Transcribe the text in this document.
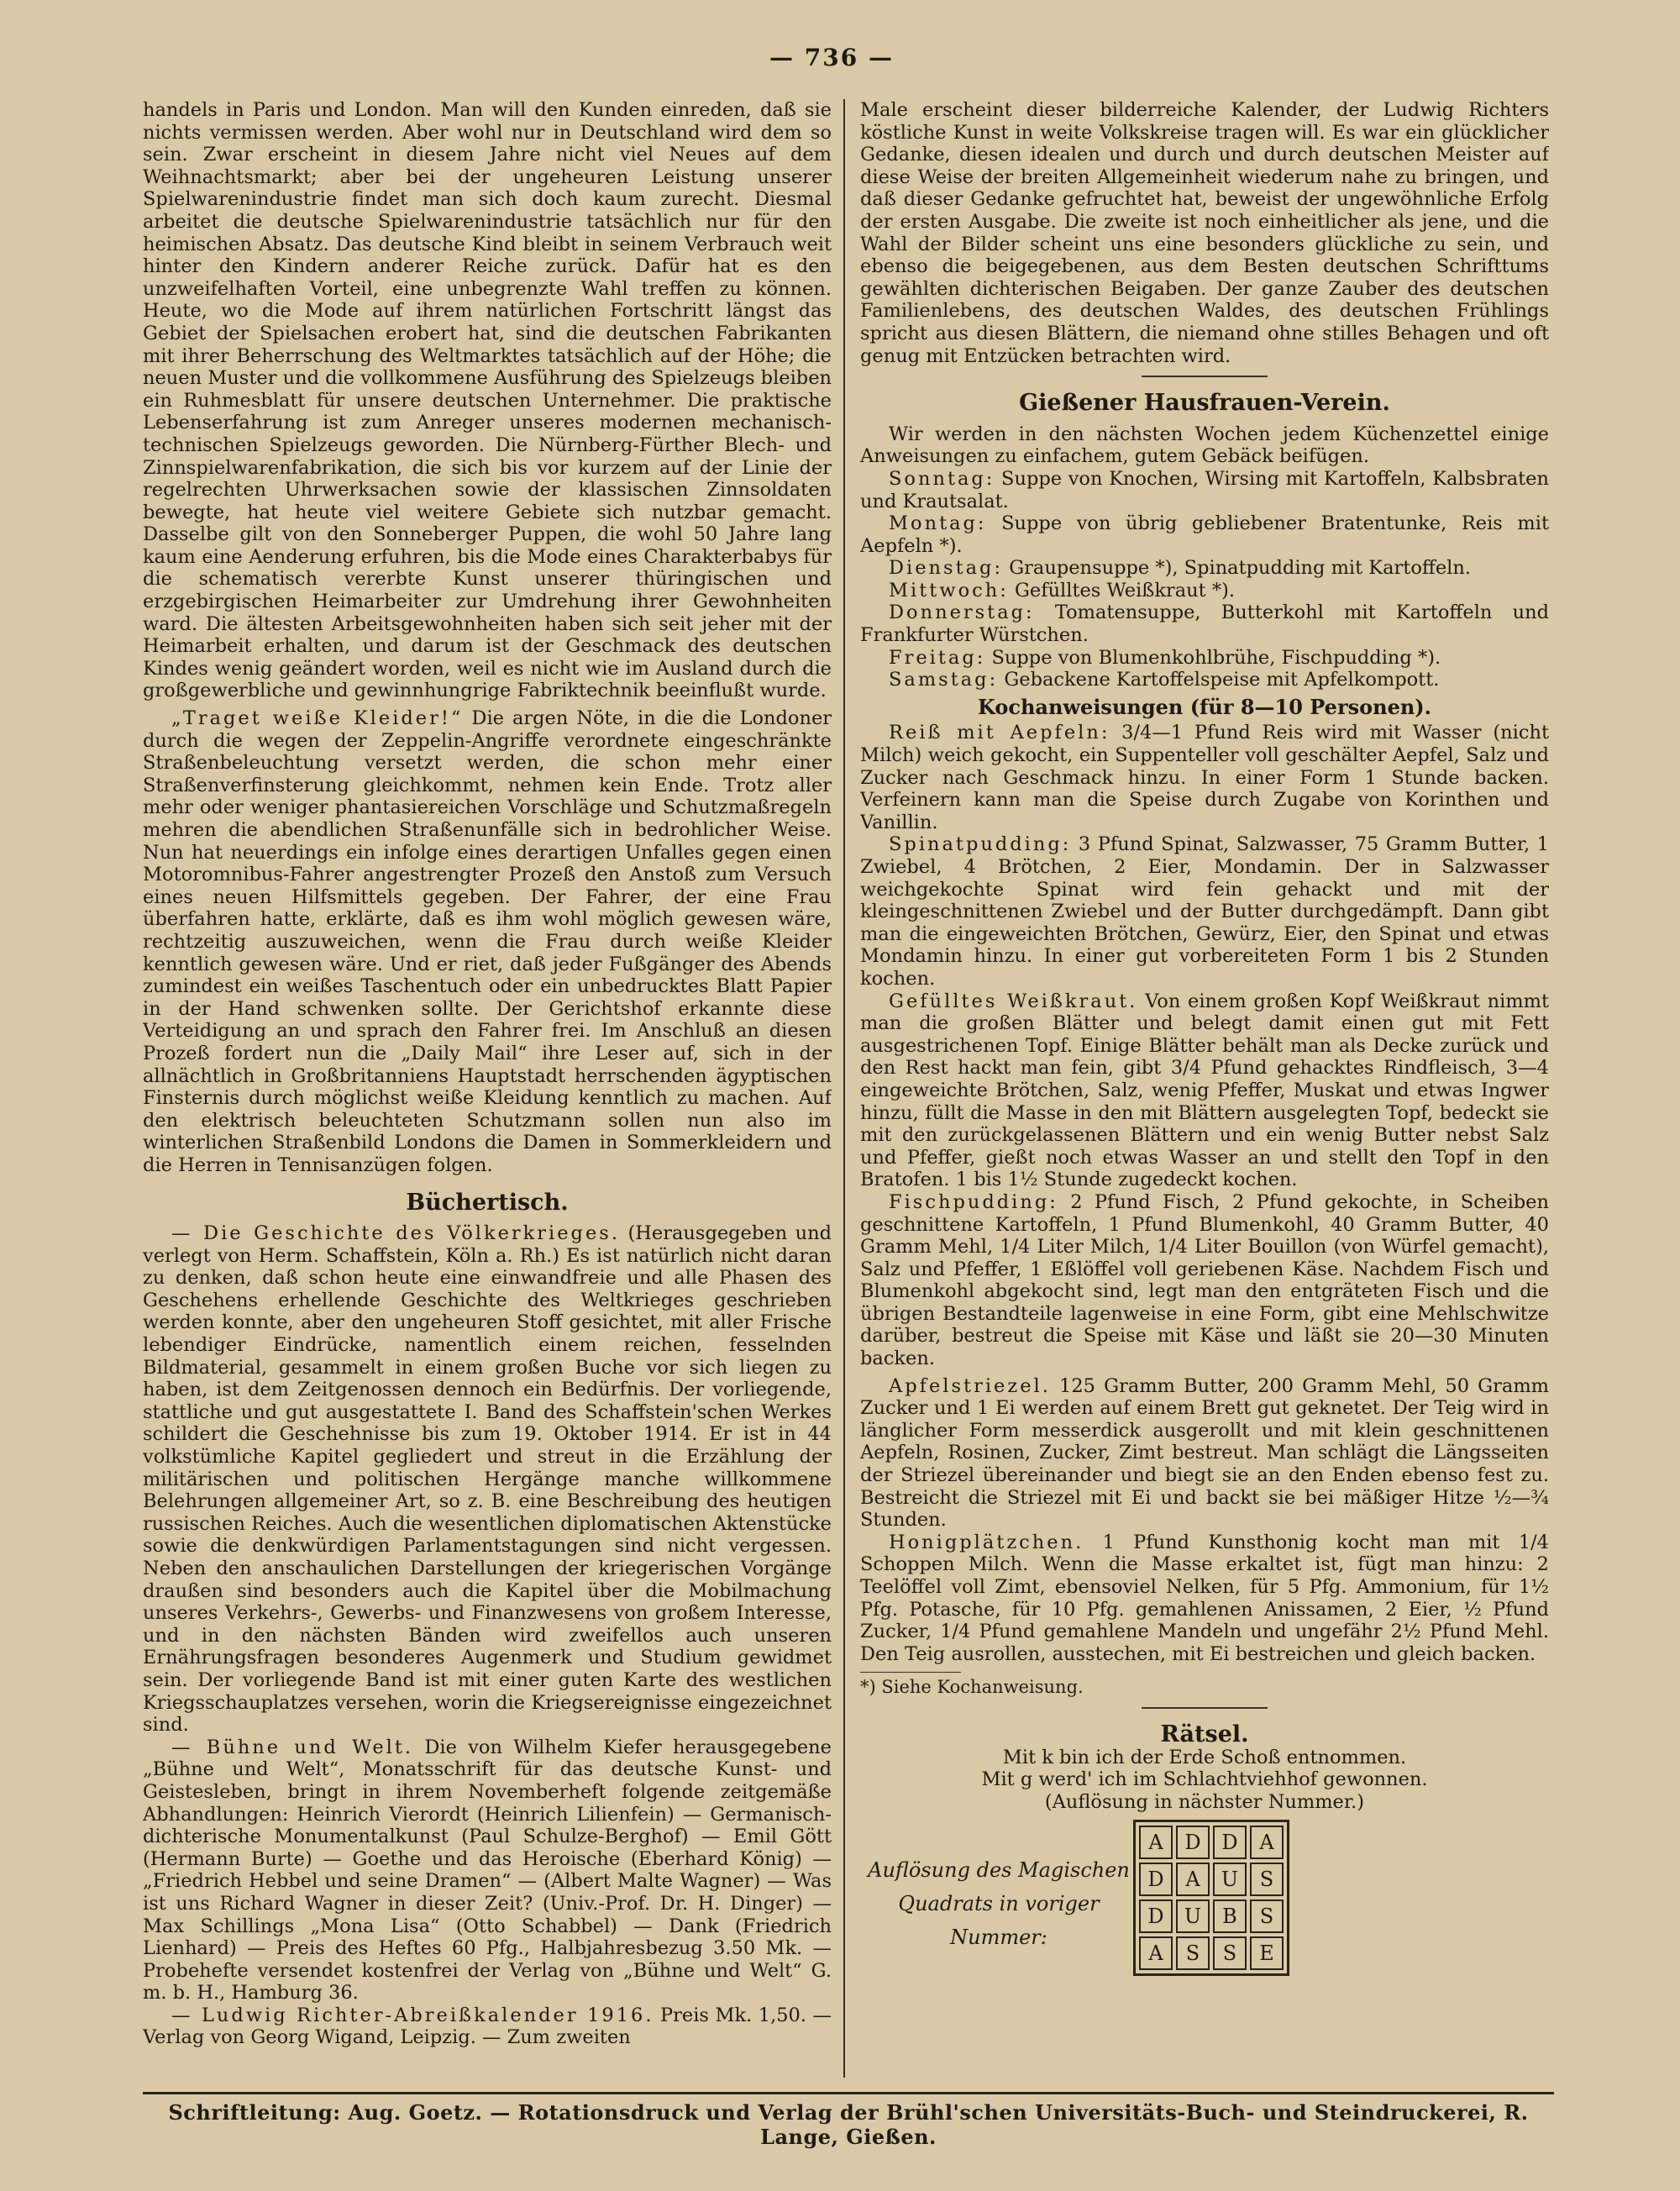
— 736 —

handels in Paris und London. Man will den Kunden einreden, daß sie nichts vermissen werden. Aber wohl nur in Deutschland wird dem so sein. Zwar erscheint in diesem Jahre nicht viel Neues auf dem Weihnachtsmarkt; aber bei der ungeheuren Leistung unserer Spielwarenindustrie findet man sich doch kaum zurecht. Diesmal arbeitet die deutsche Spielwarenindustrie tatsächlich nur für den heimischen Absatz. Das deutsche Kind bleibt in seinem Verbrauch weit hinter den Kindern anderer Reiche zurück. Dafür hat es den unzweifelhaften Vorteil, eine unbegrenzte Wahl treffen zu können. Heute, wo die Mode auf ihrem natürlichen Fortschritt längst das Gebiet der Spielsachen erobert hat, sind die deutschen Fabrikanten mit ihrer Beherrschung des Weltmarktes tatsächlich auf der Höhe; die neuen Muster und die vollkommene Ausführung des Spielzeugs bleiben ein Ruhmesblatt für unsere deutschen Unternehmer. Die praktische Lebenserfahrung ist zum Anreger unseres modernen mechanisch-technischen Spielzeugs geworden. Die Nürnberg-Fürther Blech- und Zinnspielwarenfabrikation, die sich bis vor kurzem auf der Linie der regelrechten Uhrwerksachen sowie der klassischen Zinnsoldaten bewegte, hat heute viel weitere Gebiete sich nutzbar gemacht. Dasselbe gilt von den Sonneberger Puppen, die wohl 50 Jahre lang kaum eine Aenderung erfuhren, bis die Mode eines Charakterbabys für die schematisch vererbte Kunst unserer thüringischen und erzgebirgischen Heimarbeiter zur Umdrehung ihrer Gewohnheiten ward. Die ältesten Arbeitsgewohnheiten haben sich seit jeher mit der Heimarbeit erhalten, und darum ist der Geschmack des deutschen Kindes wenig geändert worden, weil es nicht wie im Ausland durch die großgewerbliche und gewinnhungrige Fabriktechnik beeinflußt wurde.

„Traget weiße Kleider!“ Die argen Nöte, in die die Londoner durch die wegen der Zeppelin-Angriffe verordnete eingeschränkte Straßenbeleuchtung versetzt werden, die schon mehr einer Straßenverfinsterung gleichkommt, nehmen kein Ende. Trotz aller mehr oder weniger phantasiereichen Vorschläge und Schutzmaßregeln mehren die abendlichen Straßenunfälle sich in bedrohlicher Weise. Nun hat neuerdings ein infolge eines derartigen Unfalles gegen einen Motoromnibus-Fahrer angestrengter Prozeß den Anstoß zum Versuch eines neuen Hilfsmittels gegeben. Der Fahrer, der eine Frau überfahren hatte, erklärte, daß es ihm wohl möglich gewesen wäre, rechtzeitig auszuweichen, wenn die Frau durch weiße Kleider kenntlich gewesen wäre. Und er riet, daß jeder Fußgänger des Abends zumindest ein weißes Taschentuch oder ein unbedrucktes Blatt Papier in der Hand schwenken sollte. Der Gerichtshof erkannte diese Verteidigung an und sprach den Fahrer frei. Im Anschluß an diesen Prozeß fordert nun die „Daily Mail“ ihre Leser auf, sich in der allnächtlich in Großbritanniens Hauptstadt herrschenden ägyptischen Finsternis durch möglichst weiße Kleidung kenntlich zu machen. Auf den elektrisch beleuchteten Schutzmann sollen nun also im winterlichen Straßenbild Londons die Damen in Sommerkleidern und die Herren in Tennisanzügen folgen.

Büchertisch.

— Die Geschichte des Völkerkrieges. (Herausgegeben und verlegt von Herm. Schaffstein, Köln a. Rh.) Es ist natürlich nicht daran zu denken, daß schon heute eine einwandfreie und alle Phasen des Geschehens erhellende Geschichte des Weltkrieges geschrieben werden konnte, aber den ungeheuren Stoff gesichtet, mit aller Frische lebendiger Eindrücke, namentlich einem reichen, fesselnden Bildmaterial, gesammelt in einem großen Buche vor sich liegen zu haben, ist dem Zeitgenossen dennoch ein Bedürfnis. Der vorliegende, stattliche und gut ausgestattete I. Band des Schaffstein'schen Werkes schildert die Geschehnisse bis zum 19. Oktober 1914. Er ist in 44 volkstümliche Kapitel gegliedert und streut in die Erzählung der militärischen und politischen Hergänge manche willkommene Belehrungen allgemeiner Art, so z. B. eine Beschreibung des heutigen russischen Reiches. Auch die wesentlichen diplomatischen Aktenstücke sowie die denkwürdigen Parlamentstagungen sind nicht vergessen. Neben den anschaulichen Darstellungen der kriegerischen Vorgänge draußen sind besonders auch die Kapitel über die Mobilmachung unseres Verkehrs-, Gewerbs- und Finanzwesens von großem Interesse, und in den nächsten Bänden wird zweifellos auch unseren Ernährungsfragen besonderes Augenmerk und Studium gewidmet sein. Der vorliegende Band ist mit einer guten Karte des westlichen Kriegsschauplatzes versehen, worin die Kriegsereignisse eingezeichnet sind.

— Bühne und Welt. Die von Wilhelm Kiefer herausgegebene „Bühne und Welt“, Monatsschrift für das deutsche Kunst- und Geistesleben, bringt in ihrem Novemberheft folgende zeitgemäße Abhandlungen: Heinrich Vierordt (Heinrich Lilienfein) — Germanisch-dichterische Monumentalkunst (Paul Schulze-Berghof) — Emil Gött (Hermann Burte) — Goethe und das Heroische (Eberhard König) — „Friedrich Hebbel und seine Dramen“ — (Albert Malte Wagner) — Was ist uns Richard Wagner in dieser Zeit? (Univ.-Prof. Dr. H. Dinger) — Max Schillings „Mona Lisa“ (Otto Schabbel) — Dank (Friedrich Lienhard) — Preis des Heftes 60 Pfg., Halbjahresbezug 3.50 Mk. — Probehefte versendet kostenfrei der Verlag von „Bühne und Welt“ G. m. b. H., Hamburg 36.

— Ludwig Richter-Abreißkalender 1916. Preis Mk. 1,50. — Verlag von Georg Wigand, Leipzig. — Zum zweiten

Male erscheint dieser bilderreiche Kalender, der Ludwig Richters köstliche Kunst in weite Volkskreise tragen will. Es war ein glücklicher Gedanke, diesen idealen und durch und durch deutschen Meister auf diese Weise der breiten Allgemeinheit wiederum nahe zu bringen, und daß dieser Gedanke gefruchtet hat, beweist der ungewöhnliche Erfolg der ersten Ausgabe. Die zweite ist noch einheitlicher als jene, und die Wahl der Bilder scheint uns eine besonders glückliche zu sein, und ebenso die beigegebenen, aus dem Besten deutschen Schrifttums gewählten dichterischen Beigaben. Der ganze Zauber des deutschen Familienlebens, des deutschen Waldes, des deutschen Frühlings spricht aus diesen Blättern, die niemand ohne stilles Behagen und oft genug mit Entzücken betrachten wird.

Gießener Hausfrauen-Verein.

Wir werden in den nächsten Wochen jedem Küchenzettel einige Anweisungen zu einfachem, gutem Gebäck beifügen.

Sonntag: Suppe von Knochen, Wirsing mit Kartoffeln, Kalbsbraten und Krautsalat.

Montag: Suppe von übrig gebliebener Bratentunke, Reis mit Aepfeln *).

Dienstag: Graupensuppe *), Spinatpudding mit Kartoffeln.

Mittwoch: Gefülltes Weißkraut *).

Donnerstag: Tomatensuppe, Butterkohl mit Kartoffeln und Frankfurter Würstchen.

Freitag: Suppe von Blumenkohlbrühe, Fischpudding *).

Samstag: Gebackene Kartoffelspeise mit Apfelkompott.

Kochanweisungen (für 8—10 Personen).

Reiß mit Aepfeln: 3/4—1 Pfund Reis wird mit Wasser (nicht Milch) weich gekocht, ein Suppenteller voll geschälter Aepfel, Salz und Zucker nach Geschmack hinzu. In einer Form 1 Stunde backen. Verfeinern kann man die Speise durch Zugabe von Korinthen und Vanillin.

Spinatpudding: 3 Pfund Spinat, Salzwasser, 75 Gramm Butter, 1 Zwiebel, 4 Brötchen, 2 Eier, Mondamin. Der in Salzwasser weichgekochte Spinat wird fein gehackt und mit der kleingeschnittenen Zwiebel und der Butter durchgedämpft. Dann gibt man die eingeweichten Brötchen, Gewürz, Eier, den Spinat und etwas Mondamin hinzu. In einer gut vorbereiteten Form 1 bis 2 Stunden kochen.

Gefülltes Weißkraut. Von einem großen Kopf Weißkraut nimmt man die großen Blätter und belegt damit einen gut mit Fett ausgestrichenen Topf. Einige Blätter behält man als Decke zurück und den Rest hackt man fein, gibt 3/4 Pfund gehacktes Rindfleisch, 3—4 eingeweichte Brötchen, Salz, wenig Pfeffer, Muskat und etwas Ingwer hinzu, füllt die Masse in den mit Blättern ausgelegten Topf, bedeckt sie mit den zurückgelassenen Blättern und ein wenig Butter nebst Salz und Pfeffer, gießt noch etwas Wasser an und stellt den Topf in den Bratofen. 1 bis 1½ Stunde zugedeckt kochen.

Fischpudding: 2 Pfund Fisch, 2 Pfund gekochte, in Scheiben geschnittene Kartoffeln, 1 Pfund Blumenkohl, 40 Gramm Butter, 40 Gramm Mehl, 1/4 Liter Milch, 1/4 Liter Bouillon (von Würfel gemacht), Salz und Pfeffer, 1 Eßlöffel voll geriebenen Käse. Nachdem Fisch und Blumenkohl abgekocht sind, legt man den entgräteten Fisch und die übrigen Bestandteile lagenweise in eine Form, gibt eine Mehlschwitze darüber, bestreut die Speise mit Käse und läßt sie 20—30 Minuten backen.

Apfelstriezel. 125 Gramm Butter, 200 Gramm Mehl, 50 Gramm Zucker und 1 Ei werden auf einem Brett gut geknetet. Der Teig wird in länglicher Form messerdick ausgerollt und mit klein geschnittenen Aepfeln, Rosinen, Zucker, Zimt bestreut. Man schlägt die Längsseiten der Striezel übereinander und biegt sie an den Enden ebenso fest zu. Bestreicht die Striezel mit Ei und backt sie bei mäßiger Hitze ½—¾ Stunden.

Honigplätzchen. 1 Pfund Kunsthonig kocht man mit 1/4 Schoppen Milch. Wenn die Masse erkaltet ist, fügt man hinzu: 2 Teelöffel voll Zimt, ebensoviel Nelken, für 5 Pfg. Ammonium, für 1½ Pfg. Potasche, für 10 Pfg. gemahlenen Anissamen, 2 Eier, ½ Pfund Zucker, 1/4 Pfund gemahlene Mandeln und ungefähr 2½ Pfund Mehl. Den Teig ausrollen, ausstechen, mit Ei bestreichen und gleich backen.

*) Siehe Kochanweisung.

Rätsel.
Mit k bin ich der Erde Schoß entnommen.
Mit g werd' ich im Schlachtviehhof gewonnen.
(Auflösung in nächster Nummer.)
Auflösung des Magischen Quadrats in voriger Nummer:
A	D	D	A
D	A	U	S
D	U	B	S
A	S	S	E
Schriftleitung: Aug. Goetz. — Rotationsdruck und Verlag der Brühl'schen Universitäts-Buch- und Steindruckerei, R. Lange, Gießen.
